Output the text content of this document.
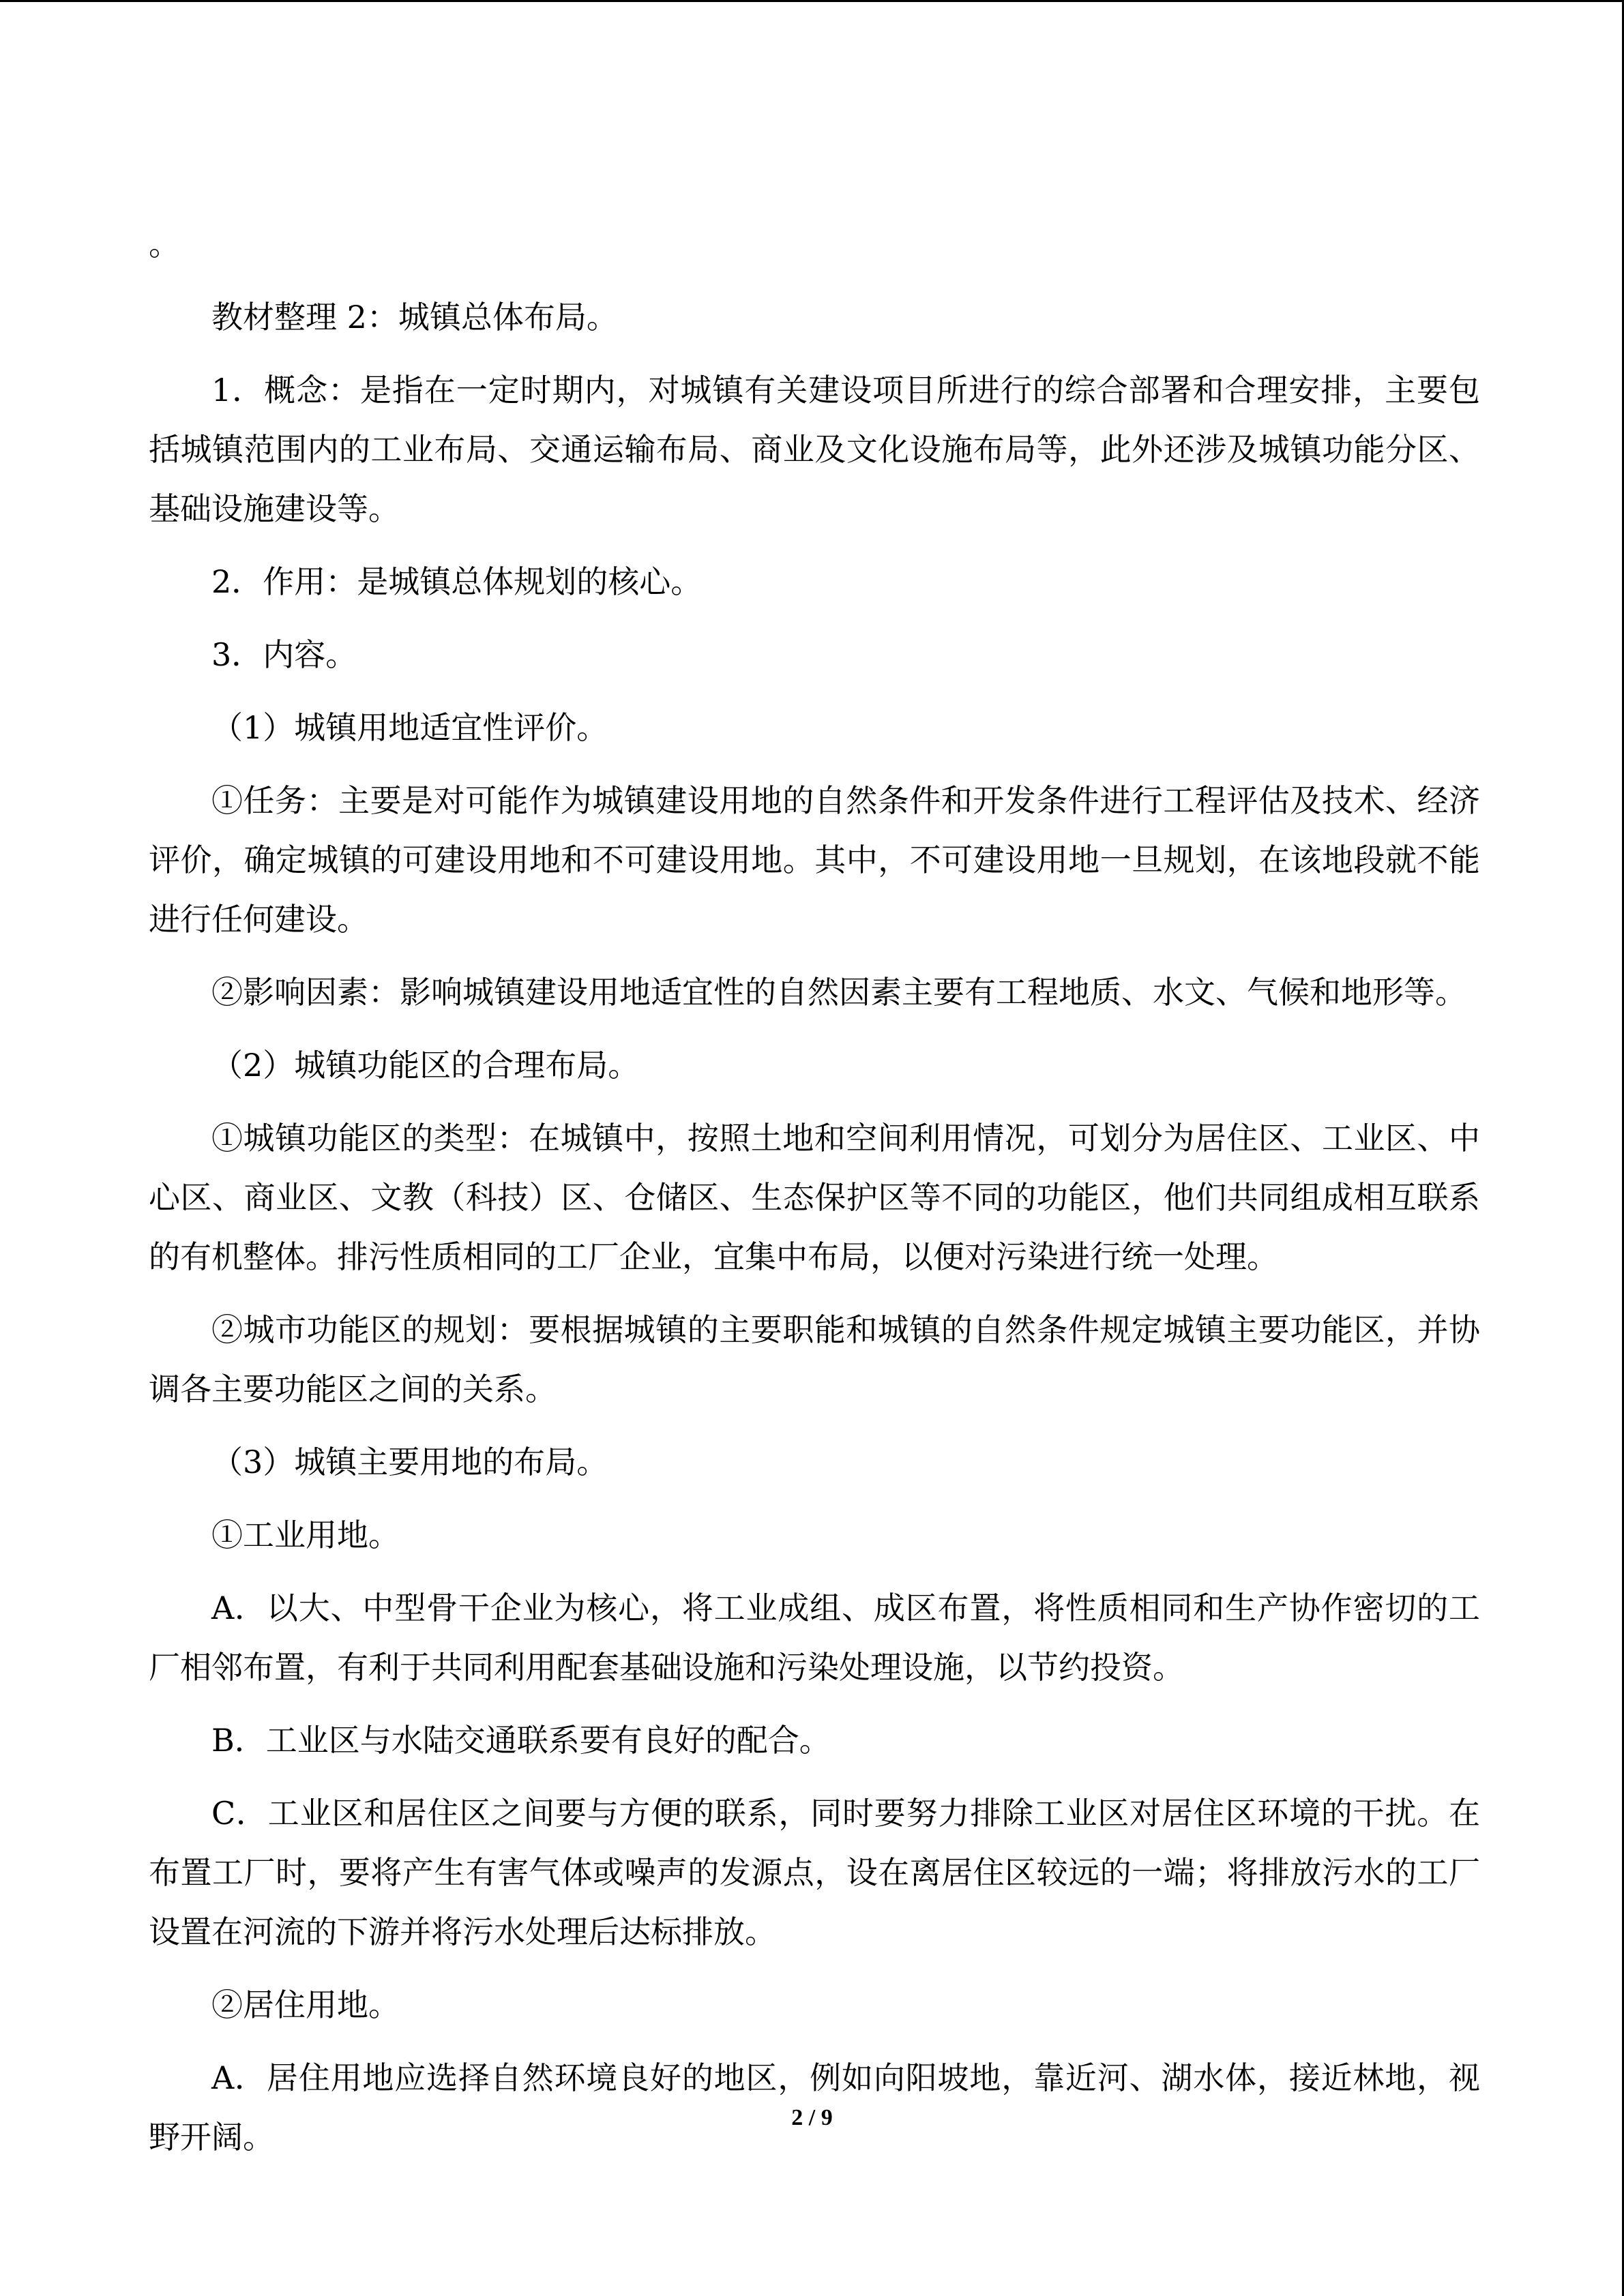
。

教材整理 2：城镇总体布局。

1．概念：是指在一定时期内，对城镇有关建设项目所进行的综合部署和合理安排，主要包括城镇范围内的工业布局、交通运输布局、商业及文化设施布局等，此外还涉及城镇功能分区、基础设施建设等。

2．作用：是城镇总体规划的核心。

3．内容。

（1）城镇用地适宜性评价。

①任务：主要是对可能作为城镇建设用地的自然条件和开发条件进行工程评估及技术、经济评价，确定城镇的可建设用地和不可建设用地。其中，不可建设用地一旦规划，在该地段就不能进行任何建设。

②影响因素：影响城镇建设用地适宜性的自然因素主要有工程地质、水文、气候和地形等。

（2）城镇功能区的合理布局。

①城镇功能区的类型：在城镇中，按照土地和空间利用情况，可划分为居住区、工业区、中心区、商业区、文教（科技）区、仓储区、生态保护区等不同的功能区，他们共同组成相互联系的有机整体。排污性质相同的工厂企业，宜集中布局，以便对污染进行统一处理。

②城市功能区的规划：要根据城镇的主要职能和城镇的自然条件规定城镇主要功能区，并协调各主要功能区之间的关系。

（3）城镇主要用地的布局。

①工业用地。

A．以大、中型骨干企业为核心，将工业成组、成区布置，将性质相同和生产协作密切的工厂相邻布置，有利于共同利用配套基础设施和污染处理设施，以节约投资。

B．工业区与水陆交通联系要有良好的配合。

C．工业区和居住区之间要与方便的联系，同时要努力排除工业区对居住区环境的干扰。在布置工厂时，要将产生有害气体或噪声的发源点，设在离居住区较远的一端；将排放污水的工厂设置在河流的下游并将污水处理后达标排放。

②居住用地。

A．居住用地应选择自然环境良好的地区，例如向阳坡地，靠近河、湖水体，接近林地，视野开阔。

2 / 9
